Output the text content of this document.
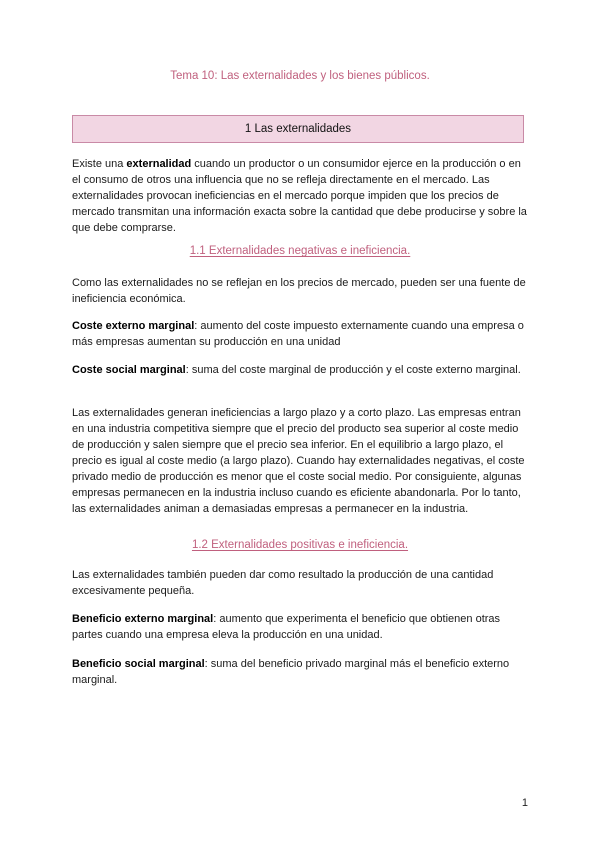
Tema 10: Las externalidades y los bienes públicos.
1 Las externalidades

Existe una externalidad cuando un productor o un consumidor ejerce en la producción o en el consumo de otros una influencia que no se refleja directamente en el mercado. Las externalidades provocan ineficiencias en el mercado porque impiden que los precios de mercado transmitan una información exacta sobre la cantidad que debe producirse y sobre la que debe comprarse.

1.1 Externalidades negativas e ineficiencia.

Como las externalidades no se reflejan en los precios de mercado, pueden ser una fuente de ineficiencia económica.

Coste externo marginal: aumento del coste impuesto externamente cuando una empresa o más empresas aumentan su producción en una unidad

Coste social marginal: suma del coste marginal de producción y el coste externo marginal.

Las externalidades generan ineficiencias a largo plazo y a corto plazo. Las empresas entran en una industria competitiva siempre que el precio del producto sea superior al coste medio de producción y salen siempre que el precio sea inferior. En el equilibrio a largo plazo, el precio es igual al coste medio (a largo plazo). Cuando hay externalidades negativas, el coste privado medio de producción es menor que el coste social medio. Por consiguiente, algunas empresas permanecen en la industria incluso cuando es eficiente abandonarla. Por lo tanto, las externalidades animan a demasiadas empresas a permanecer en la industria.

1.2 Externalidades positivas e ineficiencia.

Las externalidades también pueden dar como resultado la producción de una cantidad excesivamente pequeña.

Beneficio externo marginal: aumento que experimenta el beneficio que obtienen otras partes cuando una empresa eleva la producción en una unidad.

Beneficio social marginal: suma del beneficio privado marginal más el beneficio externo marginal.

1
